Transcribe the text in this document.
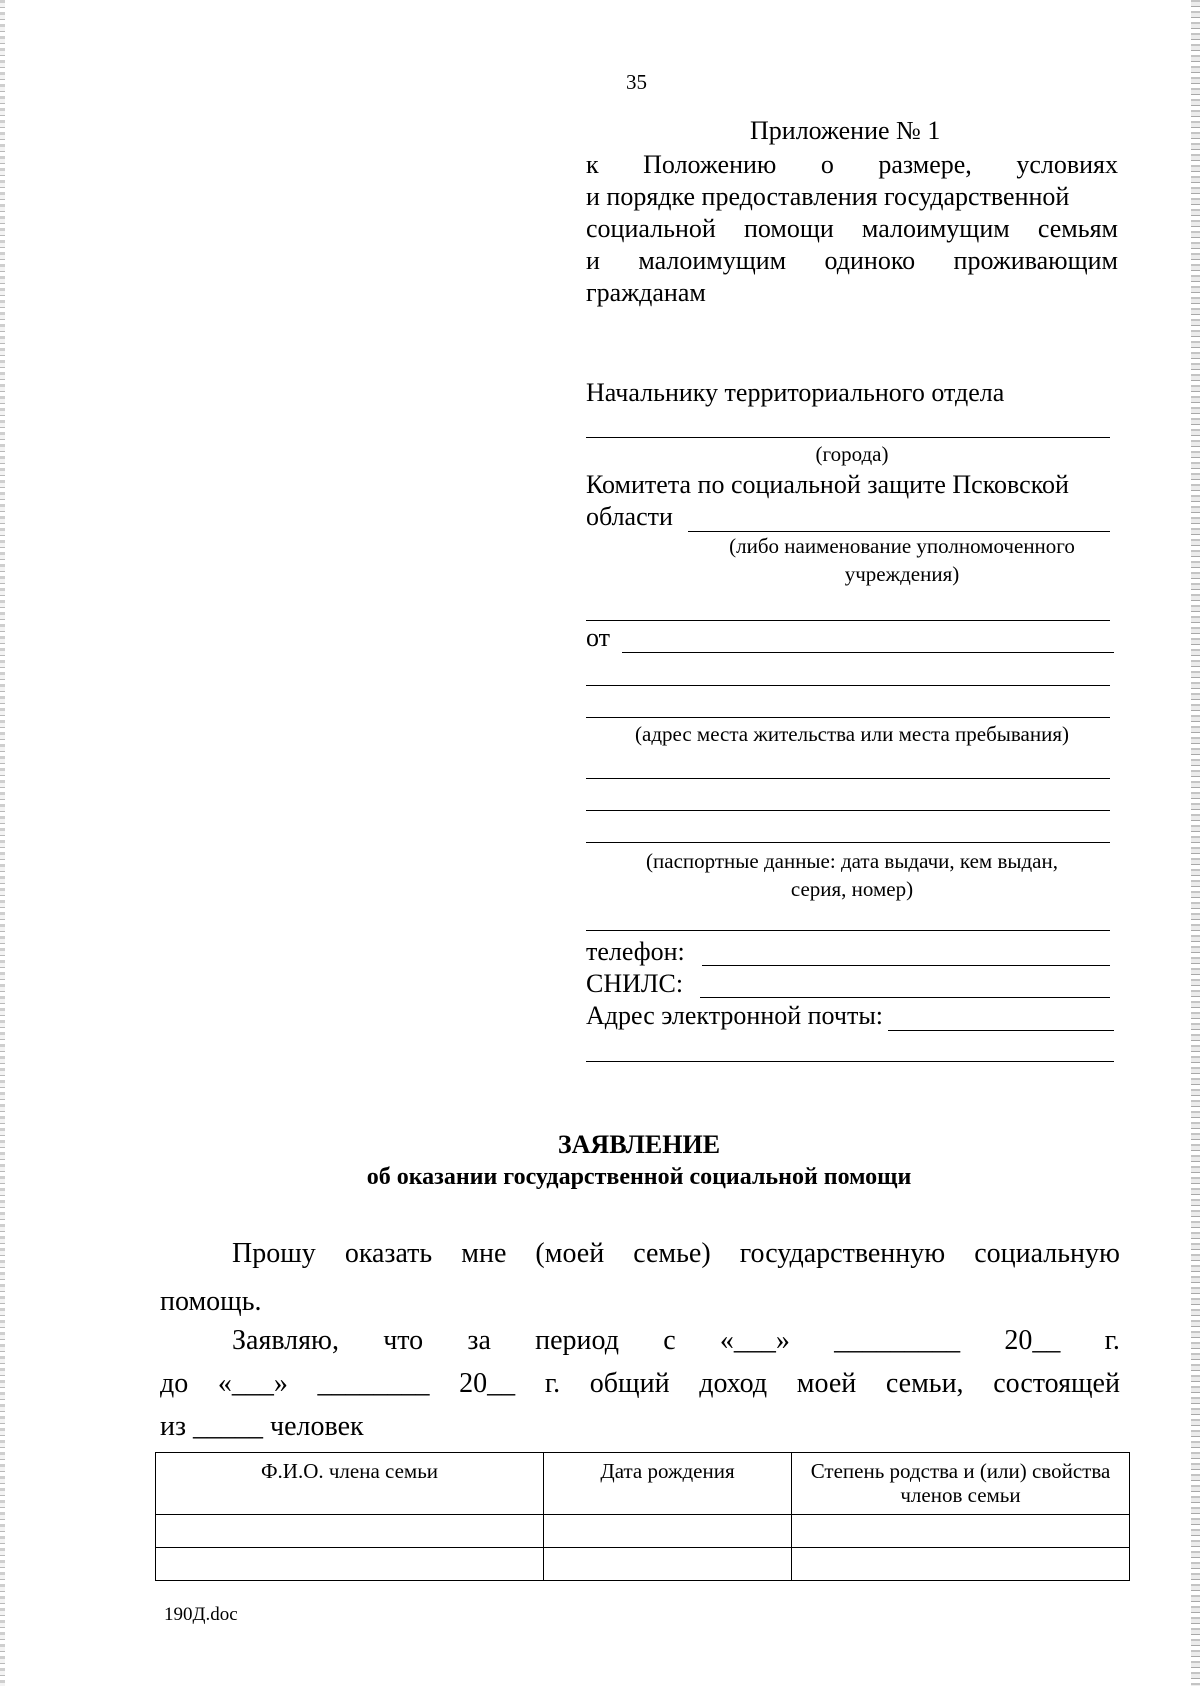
35
Приложение № 1
к Положению о размере, условиях
и порядке предоставления государственной
социальной помощи малоимущим семьям
и малоимущим одиноко проживающим
гражданам
Начальнику территориального отдела
(города)
Комитета по социальной защите Псковской
области
(либо наименование уполномоченного
учреждения)
от
(адрес места жительства или места пребывания)
(паспортные данные: дата выдачи, кем выдан,
серия, номер)
телефон:
СНИЛС:
Адрес электронной почты:
ЗАЯВЛЕНИЕ
об оказании государственной социальной помощи
Прошу оказать мне (моей семье) государственную социальную
помощь.
Заявляю, что за период с «___» _________ 20__ г.
до «___» ________ 20__ г. общий доход моей семьи, состоящей
из _____ человек
Ф.И.О. члена семьи	Дата рождения	Степень родства и (или) свойства членов семьи

190Д.doc
